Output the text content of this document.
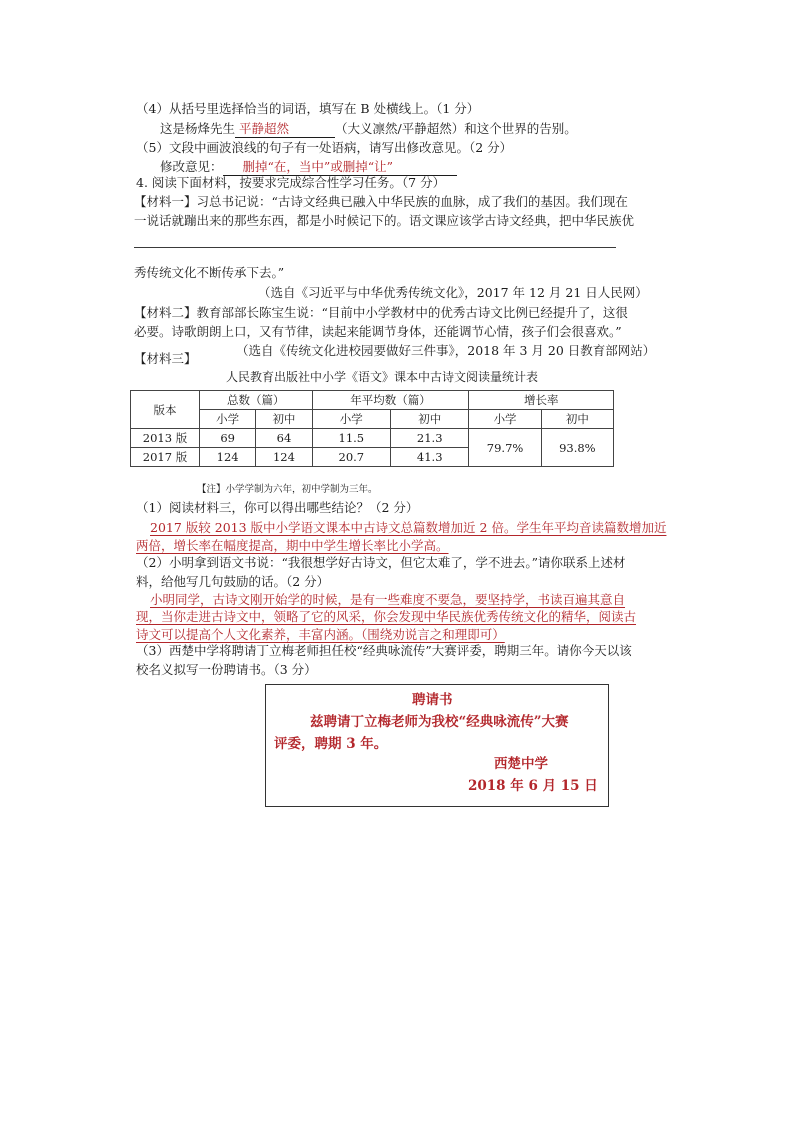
（4）从括号里选择恰当的词语，填写在 B 处横线上。（1 分）
这是杨烽先生 平静超然	（大义凛然/平静超然）和这个世界的告别。
（5）文段中画波浪线的句子有一处语病，请写出修改意见。（2 分）
修改意见： 删掉“在，当中”或删掉“让”
4. 阅读下面材料，按要求完成综合性学习任务。（7 分）
【材料一】习总书记说：“古诗文经典已融入中华民族的血脉，成了我们的基因。我们现在
一说话就蹦出来的那些东西，都是小时候记下的。语文课应该学古诗文经典，把中华民族优
秀传统文化不断传承下去。”
（选自《习近平与中华优秀传统文化》，2017 年 12 月 21 日人民网）
【材料二】教育部部长陈宝生说：“目前中小学教材中的优秀古诗文比例已经提升了，这很
必要。诗歌朗朗上口，又有节律，读起来能调节身体，还能调节心情，孩子们会很喜欢。”
（选自《传统文化进校园要做好三件事》，2018 年 3 月 20 日教育部网站）
【材料三】
人民教育出版社中小学《语文》课本中古诗文阅读量统计表
版本	总数（篇）		年平均数（篇）		增长率	
	小学	初中	小学	初中	小学	初中
2013 版	69	64	11.5	21.3	79.7%	93.8%
2017 版	124	124	20.7	41.3		
【注】小学学制为六年，初中学制为三年。
（1）阅读材料三，你可以得出哪些结论？（2 分）
2017 版较 2013 版中小学语文课本中古诗文总篇数增加近 2 倍。学生年平均音读篇数增加近
两倍，增长率在幅度提高，期中中学生增长率比小学高。
（2）小明拿到语文书说：“我很想学好古诗文，但它太难了，学不进去。”请你联系上述材
料，给他写几句鼓励的话。（2 分）
小明同学，古诗文刚开始学的时候，是有一些难度不要急，要坚持学，书读百遍其意自
现，当你走进古诗文中，领略了它的风采，你会发现中华民族优秀传统文化的精华，阅读古
诗文可以提高个人文化素养，丰富内涵。（围绕劝说言之和理即可）
（3）西楚中学将聘请丁立梅老师担任校“经典咏流传”大赛评委，聘期三年。请你今天以该
校名义拟写一份聘请书。（3 分）
聘请书
兹聘请丁立梅老师为我校“经典咏流传”大赛
评委，聘期 3 年。
西楚中学
2018 年 6 月 15 日
